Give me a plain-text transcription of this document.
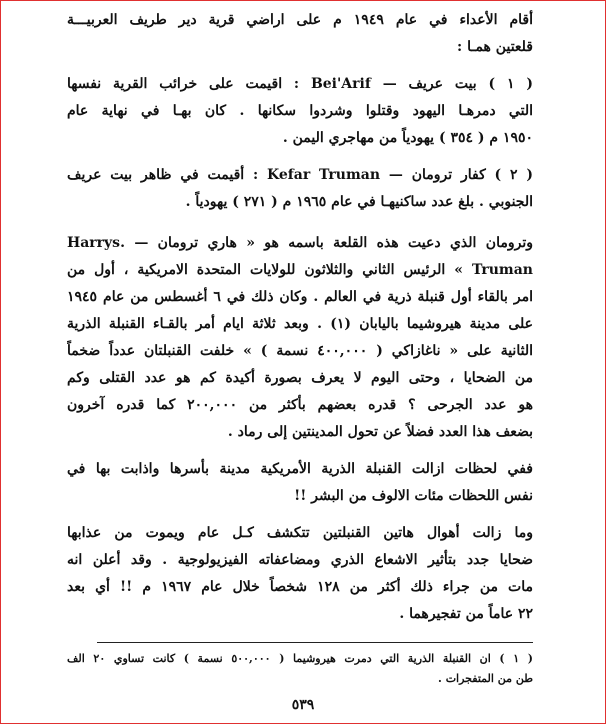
أقام الأعداء في عام ١٩٤٩ م على اراضي قرية دير طريف العربيـــة
قلعتين همـا :
( ١ ) بيت عريف — Bei'Arif : اقيمت على خرائب القرية نفسها
التي دمرهـا اليهود وقتلوا وشردوا سكانها . كان بهـا في نهاية عام
١٩٥٠ م ( ٣٥٤ ) يهودياً من مهاجري اليمن .
( ٢ ) كفار ترومان — Kefar Truman : أقيمت في ظاهر بيت عريف
الجنوبي . بلغ عدد ساكنيهـا في عام ١٩٦٥ م ( ٢٧١ ) يهودياً .
وترومان الذي دعيت هذه القلعة باسمه هو « هاري ترومان — .Harrys
Truman » الرئيس الثاني والثلاثون للولايات المتحدة الامريكية ، أول من
امر بالقاء أول قنبلة ذرية في العالم . وكان ذلك في ٦ أغسطس من عام ١٩٤٥
على مدينة هيروشيما باليابان (١) . وبعد ثلاثة ايام أمر بالقـاء القنبلة الذرية
الثانية على « ناغازاكي ( ٤٠٠,٠٠٠ نسمة ) » خلفت القنبلتان عدداً ضخماً
من الضحايا ، وحتى اليوم لا يعرف بصورة أكيدة كم هو عدد القتلى وكم
هو عدد الجرحى ؟ قدره بعضهم بأكثر من ٢٠٠,٠٠٠ كما قدره آخرون
بضعف هذا العدد فضلاً عن تحول المدينتين إلى رماد .
ففي لحظات ازالت القنبلة الذرية الأمريكية مدينة بأسرها واذابت بها في
نفس اللحظات مئات الالوف من البشر !!
وما زالت أهوال هاتين القنبلتين تتكشف كـل عام ويموت من عذابها
ضحايا جدد بتأثير الاشعاع الذري ومضاعفاته الفيزيولوجية . وقد أعلن انه
مات من جراء ذلك أكثر من ١٢٨ شخصاً خلال عام ١٩٦٧ م !! أي بعد
٢٢ عاماً من تفجيرهما .
( ١ ) ان القنبلة الذرية التي دمرت هيروشيما ( ٥٠٠,٠٠٠ نسمة ) كانت تساوي ٢٠ الف
طن من المتفجرات .
٥٣٩
